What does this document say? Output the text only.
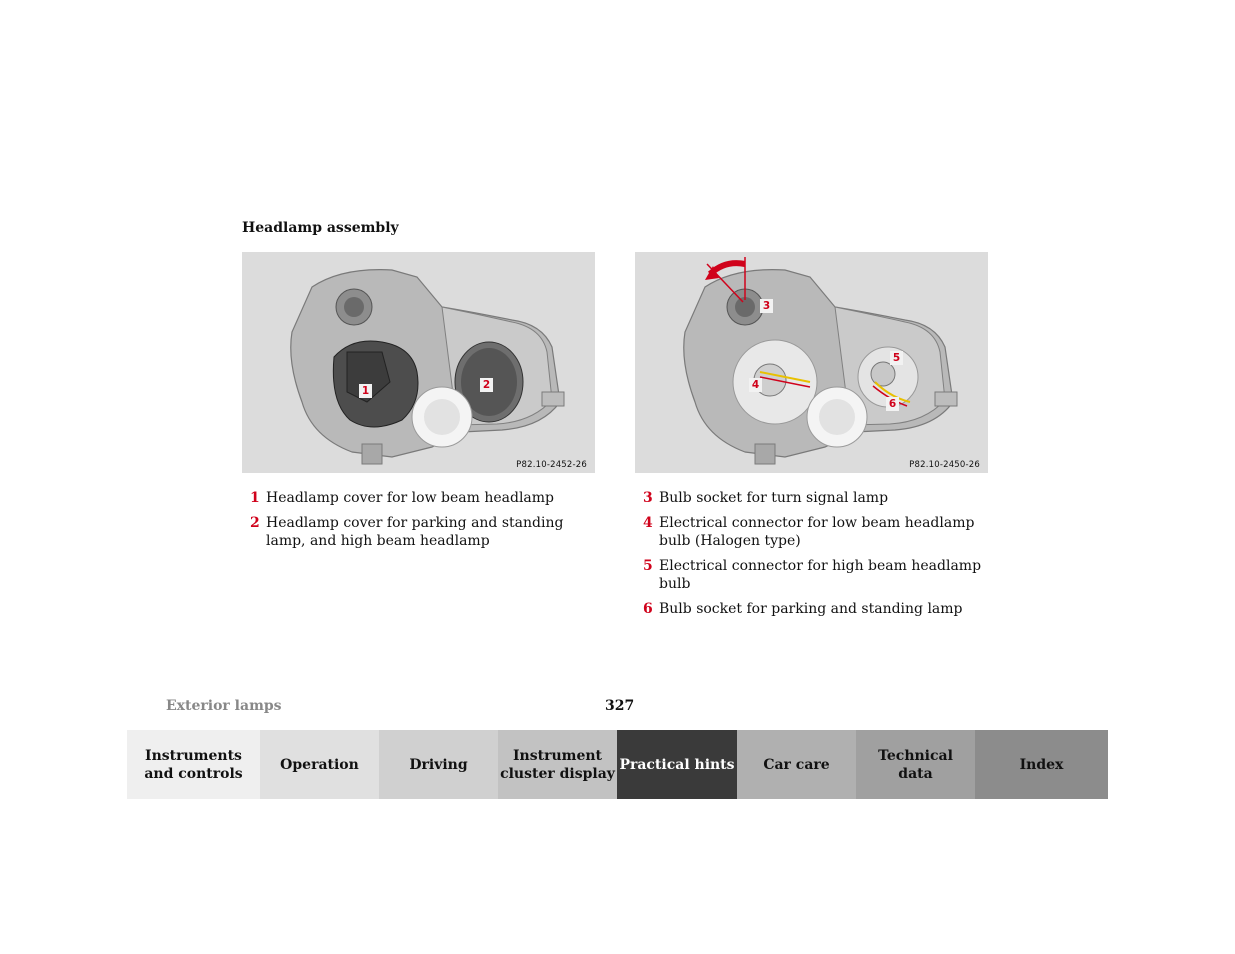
Headlamp assembly
1	2
P82.10-2452-26
3
4
5
6
P82.10-2450-26
1 Headlamp cover for low beam headlamp
2 Headlamp cover for parking and standing lamp, and high beam headlamp
3 Bulb socket for turn signal lamp
4 Electrical connector for low beam headlamp bulb (Halogen type)
5 Electrical connector for high beam headlamp bulb
6 Bulb socket for parking and standing lamp
Exterior lamps	327
Instruments
and controls
Operation	Driving
Instrument
cluster display
Practical hints Car care
Technical
data
Index
